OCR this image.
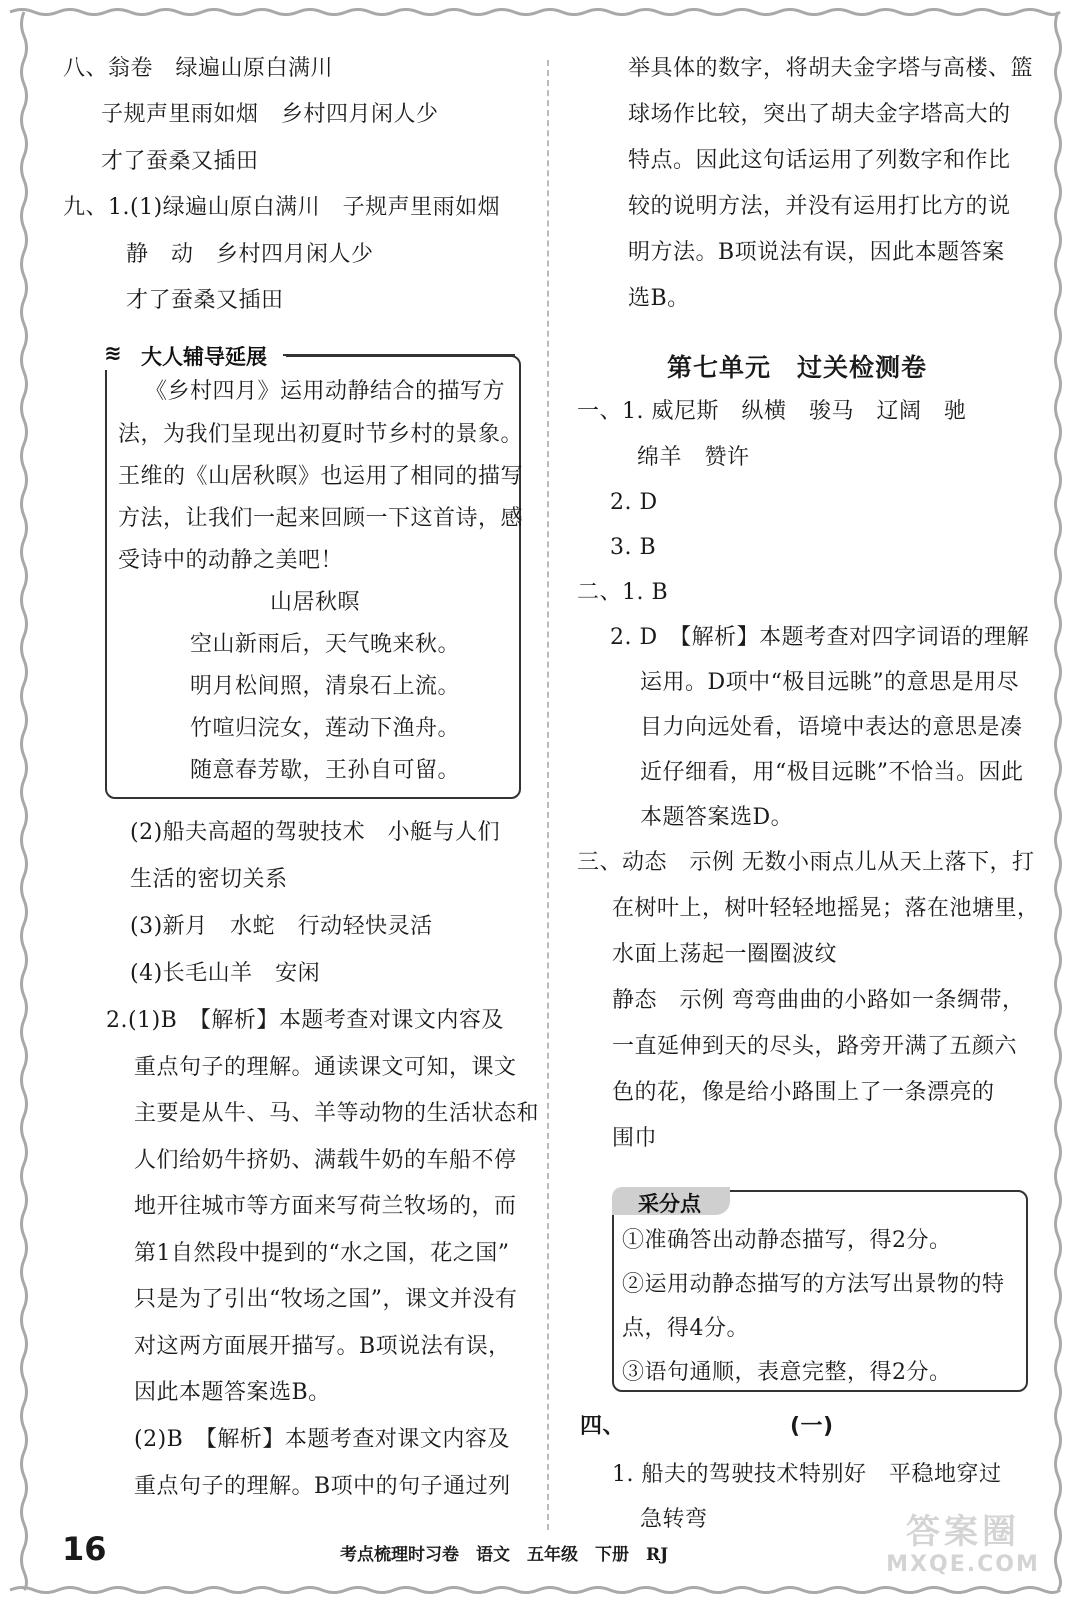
八、翁卷　绿遍山原白满川
子规声里雨如烟　乡村四月闲人少
才了蚕桑又插田
九、1.(1)绿遍山原白满川　子规声里雨如烟
静　动　乡村四月闲人少
才了蚕桑又插田
≋ 大人辅导延展
《乡村四月》运用动静结合的描写方
法，为我们呈现出初夏时节乡村的景象。
王维的《山居秋暝》也运用了相同的描写
方法，让我们一起来回顾一下这首诗，感
受诗中的动静之美吧！
山居秋暝
空山新雨后，天气晚来秋。
明月松间照，清泉石上流。
竹喧归浣女，莲动下渔舟。
随意春芳歇，王孙自可留。
(2)船夫高超的驾驶技术　小艇与人们
生活的密切关系
(3)新月　水蛇　行动轻快灵活
(4)长毛山羊　安闲
2.(1)B　【解析】本题考查对课文内容及
重点句子的理解。通读课文可知，课文
主要是从牛、马、羊等动物的生活状态和
人们给奶牛挤奶、满载牛奶的车船不停
地开往城市等方面来写荷兰牧场的，而
第1自然段中提到的“水之国，花之国”
只是为了引出“牧场之国”，课文并没有
对这两方面展开描写。B项说法有误，
因此本题答案选B。
(2)B　【解析】本题考查对课文内容及
重点句子的理解。B项中的句子通过列
举具体的数字，将胡夫金字塔与高楼、篮
球场作比较，突出了胡夫金字塔高大的
特点。因此这句话运用了列数字和作比
较的说明方法，并没有运用打比方的说
明方法。B项说法有误，因此本题答案
选B。
第七单元　过关检测卷
一、1. 威尼斯　纵横　骏马　辽阔　驰
绵羊　赞许
2. D
3. B
二、1. B
2. D　【解析】本题考查对四字词语的理解
运用。D项中“极目远眺”的意思是用尽
目力向远处看，语境中表达的意思是凑
近仔细看，用“极目远眺”不恰当。因此
本题答案选D。
三、动态　示例 无数小雨点儿从天上落下，打
在树叶上，树叶轻轻地摇晃；落在池塘里，
水面上荡起一圈圈波纹
静态　示例 弯弯曲曲的小路如一条绸带，
一直延伸到天的尽头，路旁开满了五颜六
色的花，像是给小路围上了一条漂亮的
围巾
采分点
①准确答出动静态描写，得2分。
②运用动静态描写的方法写出景物的特
点，得4分。
③语句通顺，表意完整，得2分。
四、	(一)
1. 船夫的驾驶技术特别好　平稳地穿过
急转弯
16	考点梳理时习卷　语文　五年级　下册　RJ
答案圈
MXQE.COM
